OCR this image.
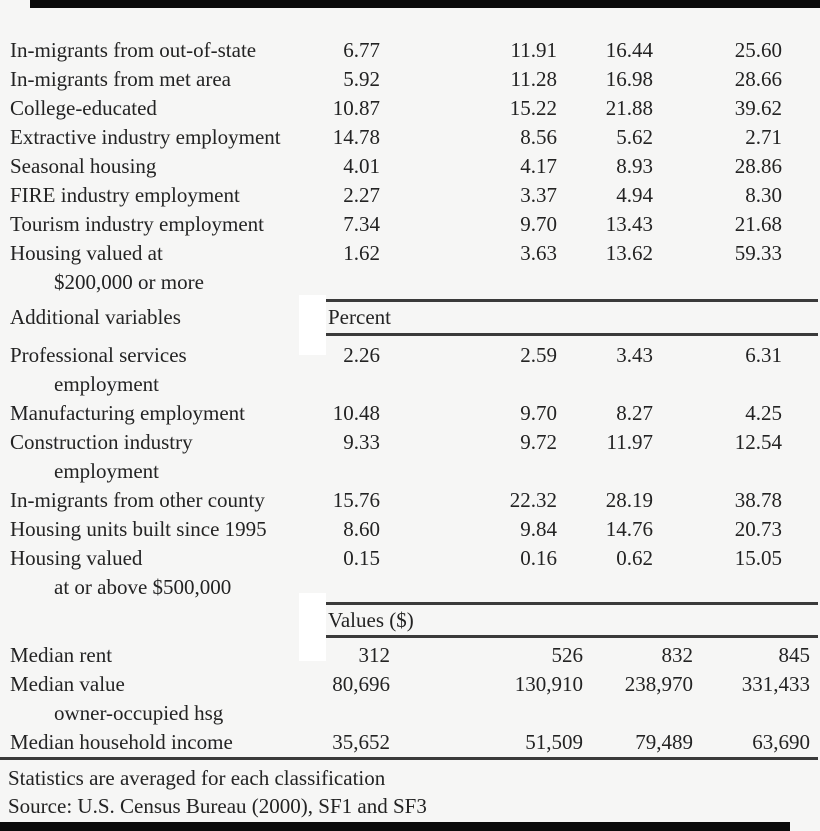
In-migrants from out-of-state	6.77	11.91	16.44	25.60
In-migrants from met area	5.92	11.28	16.98	28.66
College-educated	10.87	15.22	21.88	39.62
Extractive industry employment	14.78	8.56	5.62	2.71
Seasonal housing	4.01	4.17	8.93	28.86
FIRE industry employment	2.27	3.37	4.94	8.30
Tourism industry employment	7.34	9.70	13.43	21.68
Housing valued at
$200,000 or more
1.62	3.63	13.62	59.33
Additional variables	Percent
Professional services
employment
2.26	2.59	3.43	6.31
Manufacturing employment	10.48	9.70	8.27	4.25
Construction industry
employment
9.33	9.72	11.97	12.54
In-migrants from other county	15.76	22.32	28.19	38.78
Housing units built since 1995	8.60	9.84	14.76	20.73
Housing valued
at or above $500,000
0.15	0.16	0.62	15.05
Values ($)
Median rent	312	526	832	845
Median value
owner-occupied hsg
80,696	130,910	238,970	331,433
Median household income	35,652	51,509	79,489	63,690
Statistics are averaged for each classification
Source: U.S. Census Bureau (2000), SF1 and SF3
